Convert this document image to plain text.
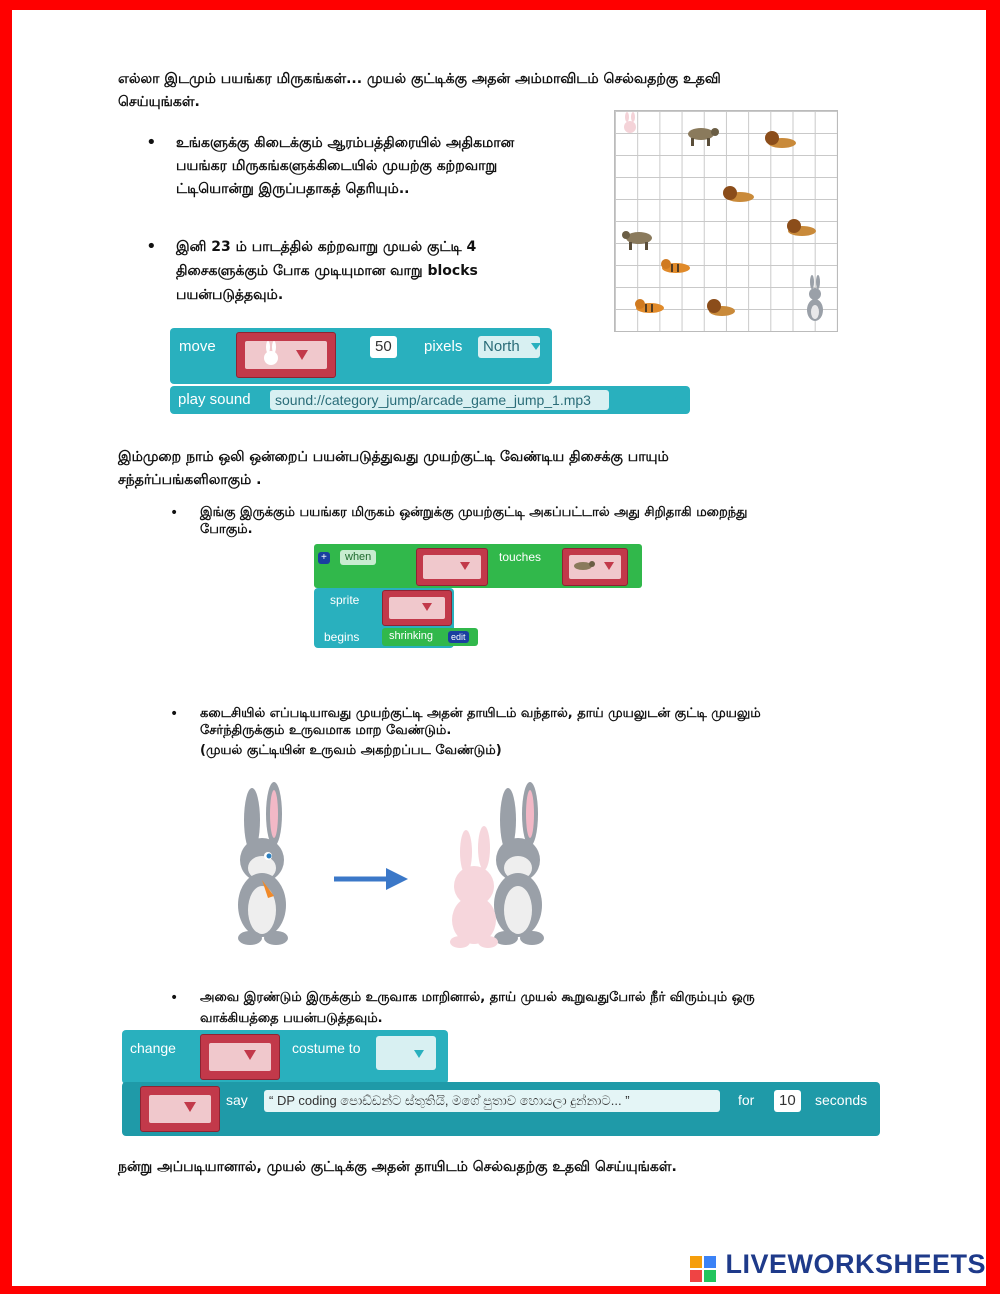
எல்லா இடமும் பயங்கர மிருகங்கள்... முயல் குட்டிக்கு அதன் அம்மாவிடம் செல்வதற்கு உதவி
செய்யுங்கள்.
• உங்களுக்கு கிடைக்கும் ஆரம்பத்திரையில் அதிகமான
பயங்கர மிருகங்களுக்கிடையில் முயற்கு கற்றவாறு
ட்டியொன்று இருப்பதாகத் தெரியும்..
• இனி 23 ம் பாடத்தில் கற்றவாறு முயல் குட்டி 4
திசைகளுக்கும் போக முடியுமான வாறு blocks
பயன்படுத்தவும்.
move	50	pixels	North
play sound	sound://category_jump/arcade_game_jump_1.mp3
இம்முறை நாம் ஒலி ஒன்றைப் பயன்படுத்துவது முயற்குட்டி வேண்டிய திசைக்கு பாயும்
சந்தர்ப்பங்களிலாகும் .
• இங்கு இருக்கும் பயங்கர மிருகம் ஒன்றுக்கு முயற்குட்டி அகப்பட்டால் அது சிறிதாகி மறைந்து
போகும்.
+	when	touches
sprite
begins	shrinking	edit
• கடைசியில் எப்படியாவது முயற்குட்டி அதன் தாயிடம் வந்தால், தாய் முயலுடன் குட்டி முயலும்
சேர்ந்திருக்கும் உருவமாக மாற வேண்டும்.
(முயல் குட்டியின் உருவம் அகற்றப்பட வேண்டும்)
• அவை இரண்டும் இருக்கும் உருவாக மாறினால், தாய் முயல் கூறுவதுபோல் நீர் விரும்பும் ஒரு
வாக்கியத்தை பயன்படுத்தவும்.
change	costume to
say	“ DP coding පොඩ්ඩන්ට ස්තුතියි, මගේ පුතාව හොයලා දුන්නාට... ”	for	10	seconds
நன்று அப்படியானால், முயல் குட்டிக்கு அதன் தாயிடம் செல்வதற்கு உதவி செய்யுங்கள்.
LIVEWORKSHEETS
